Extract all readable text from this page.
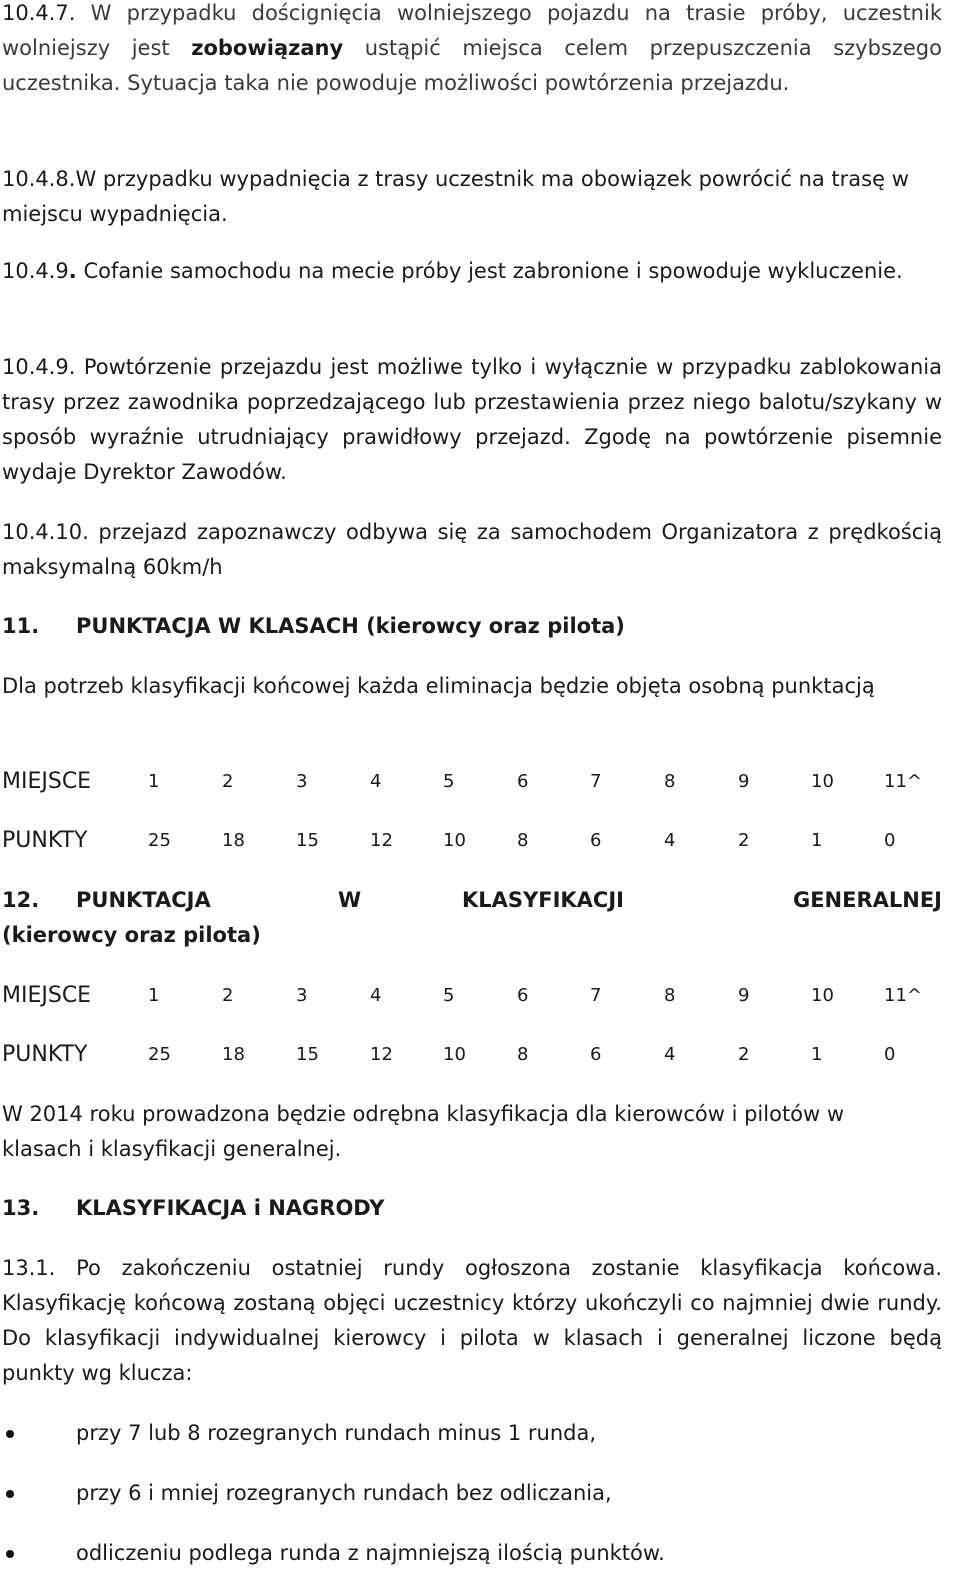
10.4.7. W przypadku doścignięcia wolniejszego pojazdu na trasie próby, uczestnik wolniejszy jest zobowiązany ustąpić miejsca celem przepuszczenia szybszego uczestnika. Sytuacja taka nie powoduje możliwości powtórzenia przejazdu.
10.4.8.W przypadku wypadnięcia z trasy uczestnik ma obowiązek powrócić na trasę w miejscu wypadnięcia.
10.4.9. Cofanie samochodu na mecie próby jest zabronione i spowoduje wykluczenie.
10.4.9. Powtórzenie przejazdu jest możliwe tylko i wyłącznie w przypadku zablokowania trasy przez zawodnika poprzedzającego lub przestawienia przez niego balotu/szykany w sposób wyraźnie utrudniający prawidłowy przejazd. Zgodę na powtórzenie pisemnie wydaje Dyrektor Zawodów.
10.4.10. przejazd zapoznawczy odbywa się za samochodem Organizatora z prędkością maksymalną 60km/h
11. PUNKTACJA W KLASACH (kierowcy oraz pilota)
Dla potrzeb klasyfikacji końcowej każda eliminacja będzie objęta osobną punktacją
MIEJSCE	1	2	3	4	5	6	7	8	9	10	11^
PUNKTY	25	18	15	12	10	8	6	4	2	1	0
12. PUNKTACJA	W	KLASYFIKACJI	GENERALNEJ
(kierowcy oraz pilota)
MIEJSCE	1	2	3	4	5	6	7	8	9	10	11^
PUNKTY	25	18	15	12	10	8	6	4	2	1	0
W 2014 roku prowadzona będzie odrębna klasyfikacja dla kierowców i pilotów w klasach i klasyfikacji generalnej.
13. KLASYFIKACJA i NAGRODY
13.1. Po zakończeniu ostatniej rundy ogłoszona zostanie klasyfikacja końcowa. Klasyfikację końcową zostaną objęci uczestnicy którzy ukończyli co najmniej dwie rundy. Do klasyfikacji indywidualnej kierowcy i pilota w klasach i generalnej liczone będą punkty wg klucza:
przy 7 lub 8 rozegranych rundach minus 1 runda,
przy 6 i mniej rozegranych rundach bez odliczania,
odliczeniu podlega runda z najmniejszą ilością punktów.
